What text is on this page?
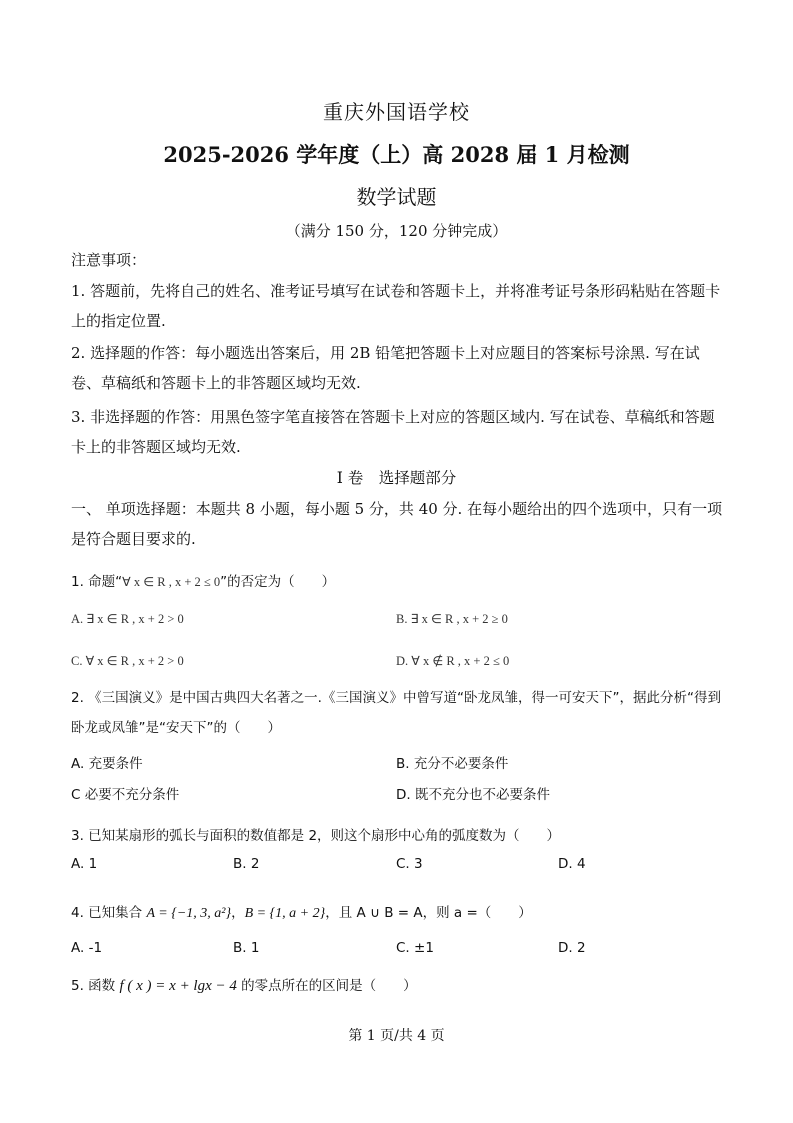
重庆外国语学校
2025-2026 学年度（上）高 2028 届 1 月检测
数学试题
（满分 150 分，120 分钟完成）
注意事项：
1. 答题前，先将自己的姓名、准考证号填写在试卷和答题卡上，并将准考证号条形码粘贴在答题卡上的指定位置.
2. 选择题的作答：每小题选出答案后，用 2B 铅笔把答题卡上对应题目的答案标号涂黑. 写在试卷、草稿纸和答题卡上的非答题区域均无效.
3. 非选择题的作答：用黑色签字笔直接答在答题卡上对应的答题区域内. 写在试卷、草稿纸和答题卡上的非答题区域均无效.
I 卷　选择题部分
一、 单项选择题：本题共 8 小题，每小题 5 分，共 40 分. 在每小题给出的四个选项中，只有一项是符合题目要求的.
1. 命题“∀ x ∈ R , x + 2 ≤ 0”的否定为（　　）
A. ∃ x ∈ R , x + 2 > 0	B. ∃ x ∈ R , x + 2 ≥ 0
C. ∀ x ∈ R , x + 2 > 0	D. ∀ x ∉ R , x + 2 ≤ 0
2. 《三国演义》是中国古典四大名著之一.《三国演义》中曾写道“卧龙凤雏，得一可安天下”，据此分析“得到卧龙或凤雏”是“安天下”的（　　）
A. 充要条件	B. 充分不必要条件
C 必要不充分条件	D. 既不充分也不必要条件
3. 已知某扇形的弧长与面积的数值都是 2，则这个扇形中心角的弧度数为（　　）
A. 1	B. 2	C. 3	D. 4
4. 已知集合 A = {−1, 3, a²}，B = {1, a + 2}，且 A ∪ B = A，则 a =（　　）
A. -1	B. 1	C. ±1	D. 2
5. 函数 f ( x ) = x + lgx − 4 的零点所在的区间是（　　）
第 1 页/共 4 页
